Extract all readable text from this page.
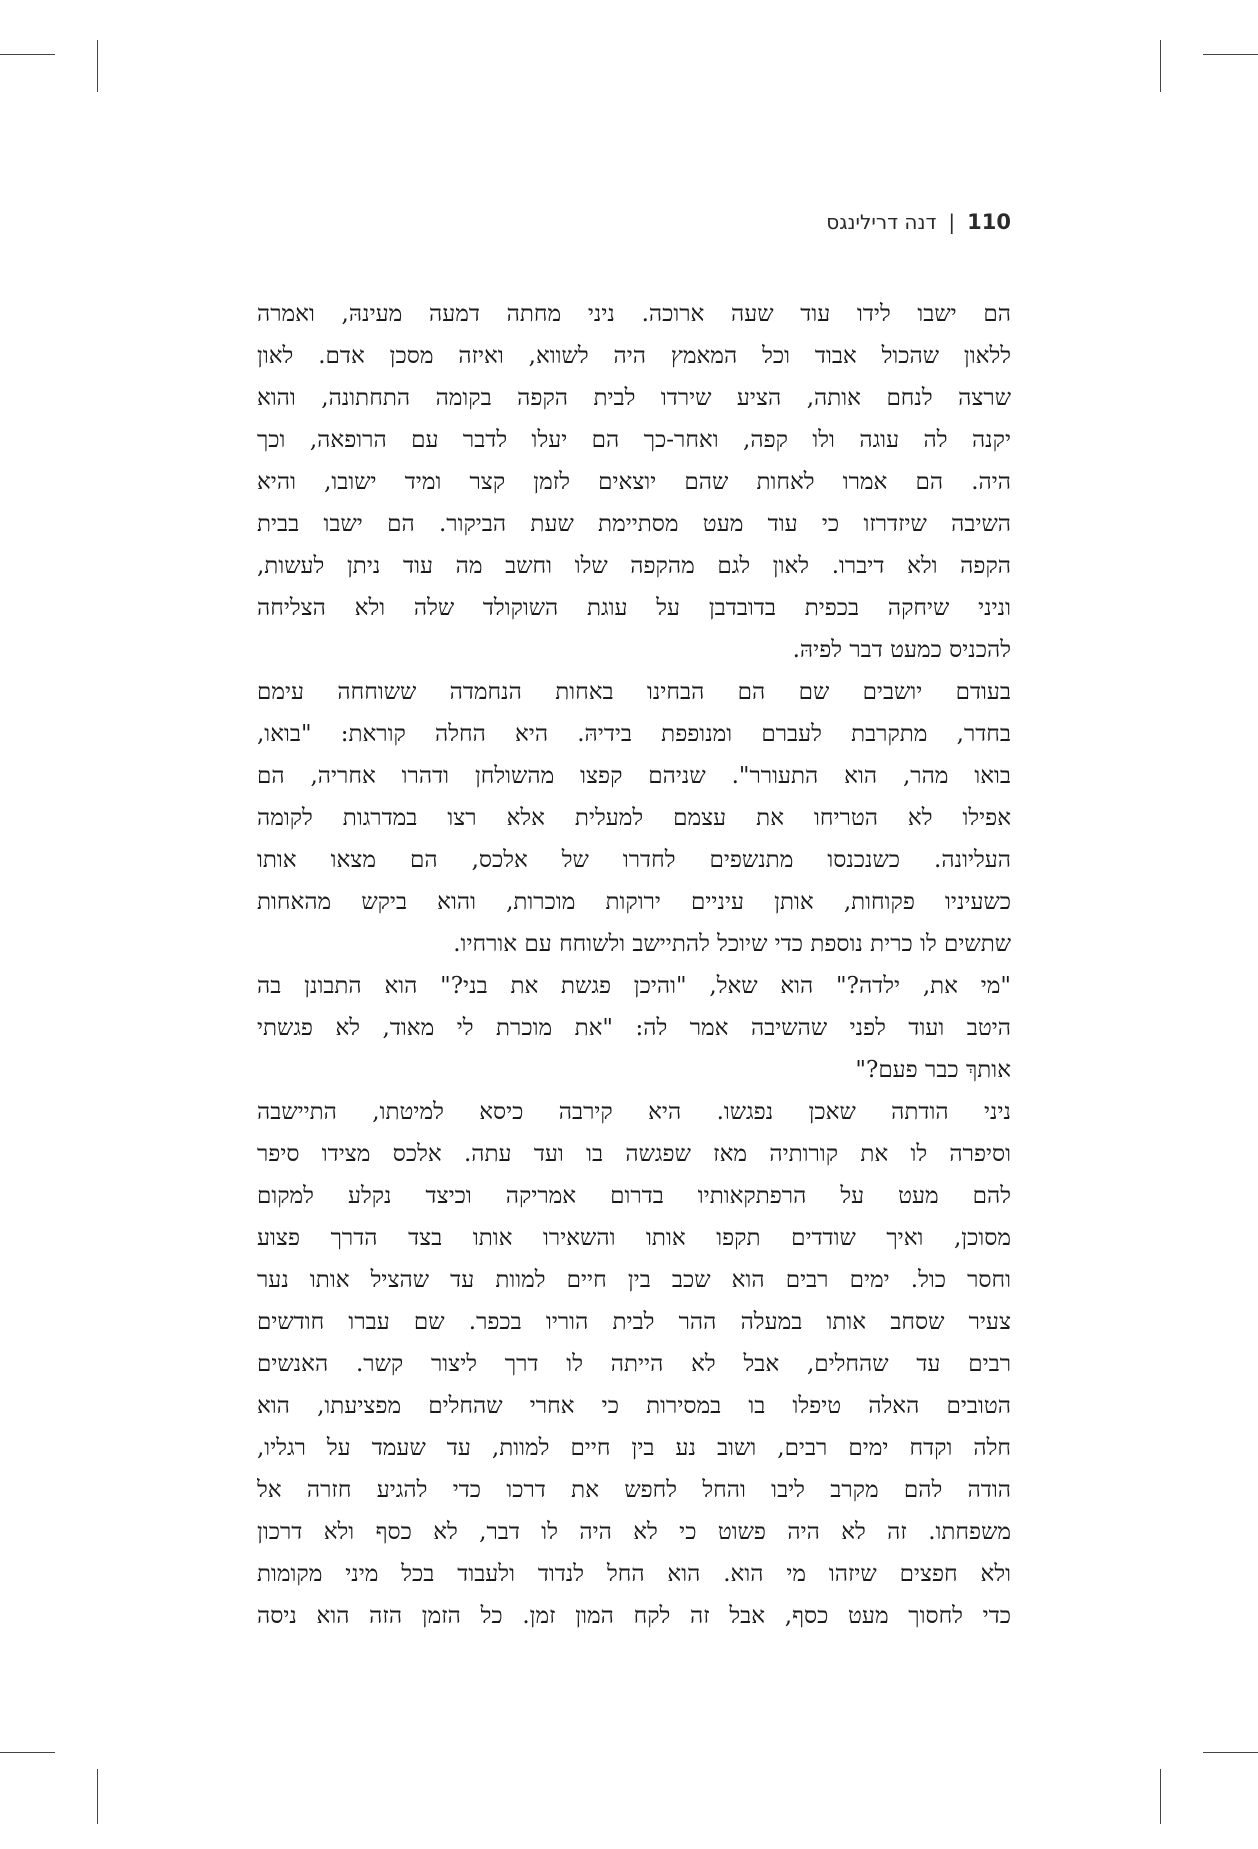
110|דנה דרילינגס
הם ישבו לידו עוד שעה ארוכה. ניני מחתה דמעה מעינהּ, ואמרה
ללאון שהכול אבוד וכל המאמץ היה לשווא, ואיזה מסכן אדם. לאון
שרצה לנחם אותה, הציע שירדו לבית הקפה בקומה התחתונה, והוא
יקנה לה עוגה ולו קפה, ואחר-כך הם יעלו לדבר עם הרופאה, וכך
היה. הם אמרו לאחות שהם יוצאים לזמן קצר ומיד ישובו, והיא
השיבה שיזדרזו כי עוד מעט מסתיימת שעת הביקור. הם ישבו בבית
הקפה ולא דיברו. לאון לגם מהקפה שלו וחשב מה עוד ניתן לעשות,
וניני שיחקה בכפית בדובדבן על עוגת השוקולד שלה ולא הצליחה
להכניס כמעט דבר לפיהּ.
בעודם יושבים שם הם הבחינו באחות הנחמדה ששוחחה עימם
בחדר, מתקרבת לעברם ומנופפת בידיהּ. היא החלה קוראת: "בואו,
בואו מהר, הוא התעורר". שניהם קפצו מהשולחן ודהרו אחריה, הם
אפילו לא הטריחו את עצמם למעלית אלא רצו במדרגות לקומה
העליונה. כשנכנסו מתנשפים לחדרו של אלכס, הם מצאו אותו
כשעיניו פקוחות, אותן עיניים ירוקות מוכרות, והוא ביקש מהאחות
שתשים לו כרית נוספת כדי שיוכל להתיישב ולשוחח עם אורחיו.
"מי את, ילדה?" הוא שאל, "והיכן פגשת את בני?" הוא התבונן בה
היטב ועוד לפני שהשיבה אמר לה: "את מוכרת לי מאוד, לא פגשתי
אותךְ כבר פעם?"
ניני הודתה שאכן נפגשו. היא קירבה כיסא למיטתו, התיישבה
וסיפרה לו את קורותיה מאז שפגשה בו ועד עתה. אלכס מצידו סיפר
להם מעט על הרפתקאותיו בדרום אמריקה וכיצד נקלע למקום
מסוכן, ואיך שודדים תקפו אותו והשאירו אותו בצד הדרך פצוע
וחסר כול. ימים רבים הוא שכב בין חיים למוות עד שהציל אותו נער
צעיר שסחב אותו במעלה ההר לבית הוריו בכפר. שם עברו חודשים
רבים עד שהחלים, אבל לא הייתה לו דרך ליצור קשר. האנשים
הטובים האלה טיפלו בו במסירות כי אחרי שהחלים מפציעתו, הוא
חלה וקדח ימים רבים, ושוב נע בין חיים למוות, עד שעמד על רגליו,
הודה להם מקרב ליבו והחל לחפש את דרכו כדי להגיע חזרה אל
משפחתו. זה לא היה פשוט כי לא היה לו דבר, לא כסף ולא דרכון
ולא חפצים שיזהו מי הוא. הוא החל לנדוד ולעבוד בכל מיני מקומות
כדי לחסוך מעט כסף, אבל זה לקח המון זמן. כל הזמן הזה הוא ניסה
